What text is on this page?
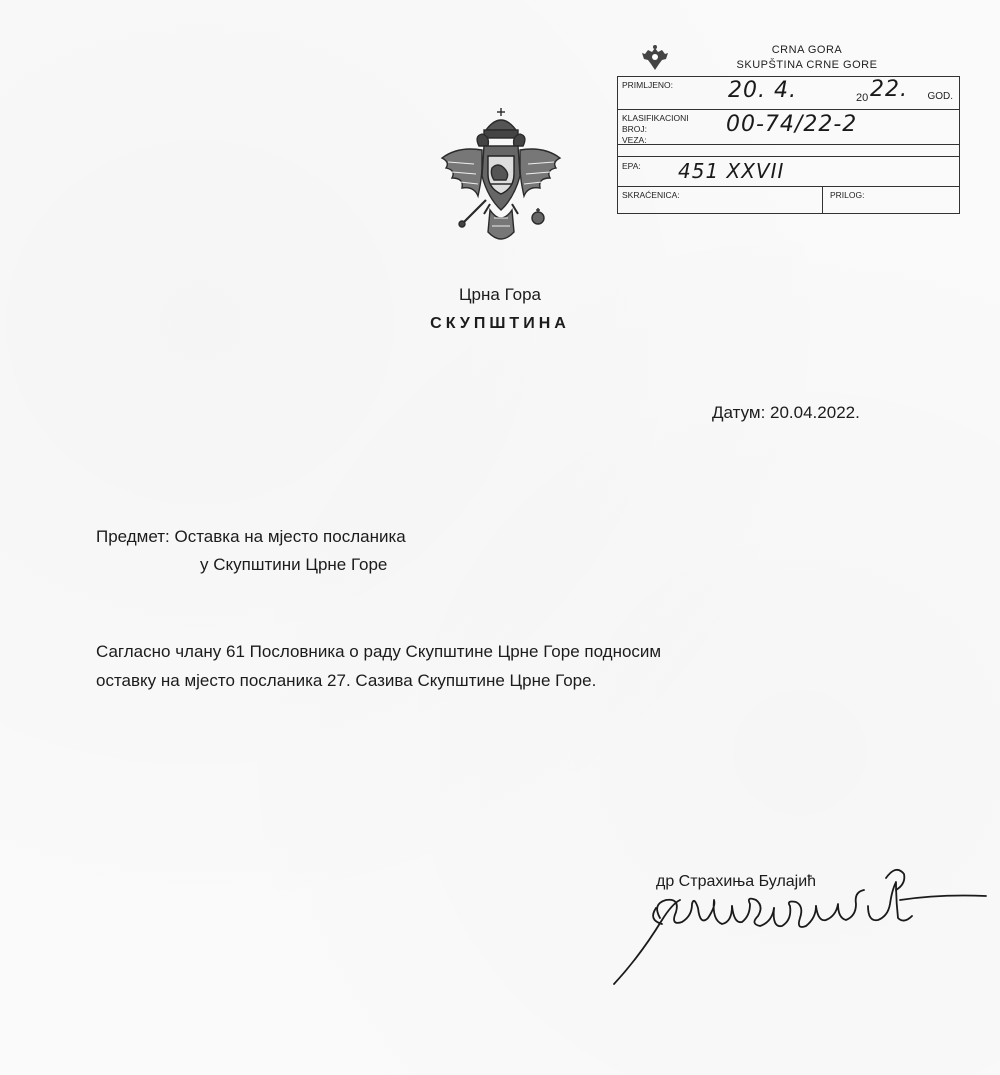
CRNA GORA
SKUPŠTINA CRNE GORE
PRIMLJENO: 20. 4.	20 22. GOD.
KLASIFIKACIONI
BROJ:	00-74/22-2
VEZA:
EPA: 451 XXVII
SKRAĆENICA:	PRILOG:
Црна Гора
СКУПШТИНА
Датум: 20.04.2022.
Предмет: Оставка на мјесто посланика
у Скупштини Црне Горе
Сагласно члану 61 Пословника о раду Скупштине Црне Горе подносим
оставку на мјесто посланика 27. Сазива Скупштине Црне Горе.
др Страхиња Булајић
